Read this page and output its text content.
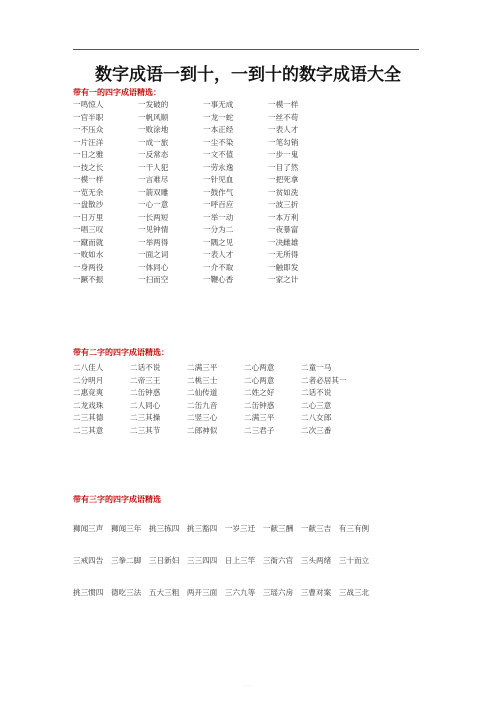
数字成语一到十，一到十的数字成语大全

带有一的四字成语精选：

一鸣惊人	一发破的	一事无成	一模一样
一官半职	一帆风顺	一龙一蛇	一丝不苟
一不压众	一败涂地	一本正经	一表人才
一片汪洋	一成一旅	一尘不染	一笔勾销
一日之雅	一反常态	一文不值	一步一鬼
一技之长	一干人犯	一劳永逸	一目了然
一模一样	一言难尽	一针见血	一把死拿
一览无余	一箭双雕	一鼓作气	一贫如洗
一盘散沙	一心一意	一呼百应	一波三折
一日万里	一长两短	一举一动	一本万利
一唱三叹	一见钟情	一分为二	一夜暴富
一蹴而就	一举两得	一隅之见	一决雌雄
一败如水	一面之词	一表人才	一无所得
一身两役	一体同心	一介不取	一触即发
一蹶不振	一扫而空	一鞭心香	一家之计

带有二字的四字成语精选：

二八佳人	二话不说	二满三平	二心两意	二童一马
二分明月	二帝三王	二桃三士	二心两意	二者必居其一
二惠竞爽	二缶钟惑	二仙传道	二姓之好	二话不说
二龙戏珠	二人同心	二缶九音	二缶钟惑	二心三意
二三其德	二三其操	二竖三心	二满三平	二八女郎
二三其意	二三其节	二郎神似	二三君子	二次三番

带有三字的四字成语精选

狮闻三声　狮闻三年　挑三拣四　挑三豁四　一岁三迁　一献三酬　一献三吉　有三有例

三戒四告　三拳二脚　三日新妇　三三四四　日上三竿　三衙六官　三头两绪　三十而立

挑三惯四　德吃三法　五大三粗　两开三面　三六九等　三瑶六房　三曹对案　三战三北

· · ·
